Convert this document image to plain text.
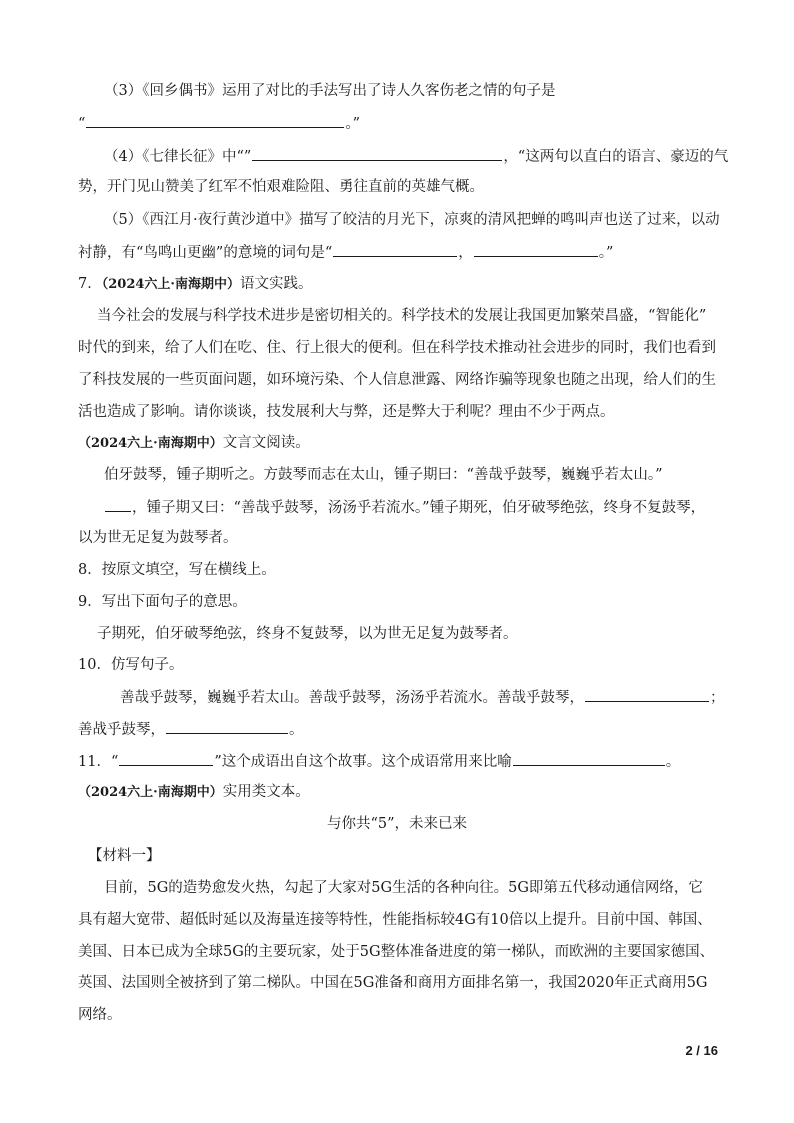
（3）《回乡偶书》运用了对比的手法写出了诗人久客伤老之情的句子是
“	。”
（4）《七律长征》中“”	，“这两句以直白的语言、豪迈的气
势，开门见山赞美了红军不怕艰难险阻、勇往直前的英雄气概。
（5）《西江月·夜行黄沙道中》描写了皎洁的月光下，凉爽的清风把蝉的鸣叫声也送了过来，以动
衬静，有“鸟鸣山更幽”的意境的词句是“	，	。”
7．（2024六上·南海期中）语文实践。
当今社会的发展与科学技术进步是密切相关的。科学技术的发展让我国更加繁荣昌盛，“智能化”
时代的到来，给了人们在吃、住、行上很大的便利。但在科学技术推动社会进步的同时，我们也看到
了科技发展的一些页面问题，如环境污染、个人信息泄露、网络诈骗等现象也随之出现，给人们的生
活也造成了影响。请你谈谈，技发展利大与弊，还是弊大于利呢？理由不少于两点。
（2024六上·南海期中）文言文阅读。
伯牙鼓琴，锺子期听之。方鼓琴而志在太山，锺子期曰：“善哉乎鼓琴，巍巍乎若太山。”
，锺子期又曰：“善哉乎鼓琴，汤汤乎若流水。”锺子期死，伯牙破琴绝弦，终身不复鼓琴，
以为世无足复为鼓琴者。
8．按原文填空，写在横线上。
9．写出下面句子的意思。
子期死，伯牙破琴绝弦，终身不复鼓琴，以为世无足复为鼓琴者。
10．仿写句子。
善哉乎鼓琴，巍巍乎若太山。善哉乎鼓琴，汤汤乎若流水。善哉乎鼓琴，	；
善战乎鼓琴，	。
11．“	”这个成语出自这个故事。这个成语常用来比喻	。
（2024六上·南海期中）实用类文本。
与你共“5”，未来已来
【材料一】
目前，5G的造势愈发火热，勾起了大家对5G生活的各种向往。5G即第五代移动通信网络，它
具有超大宽带、超低时延以及海量连接等特性，性能指标较4G有10倍以上提升。目前中国、韩国、
美国、日本已成为全球5G的主要玩家，处于5G整体准备进度的第一梯队，而欧洲的主要国家德国、
英国、法国则全被挤到了第二梯队。中国在5G准备和商用方面排名第一，我国2020年正式商用5G
网络。
2 / 16
